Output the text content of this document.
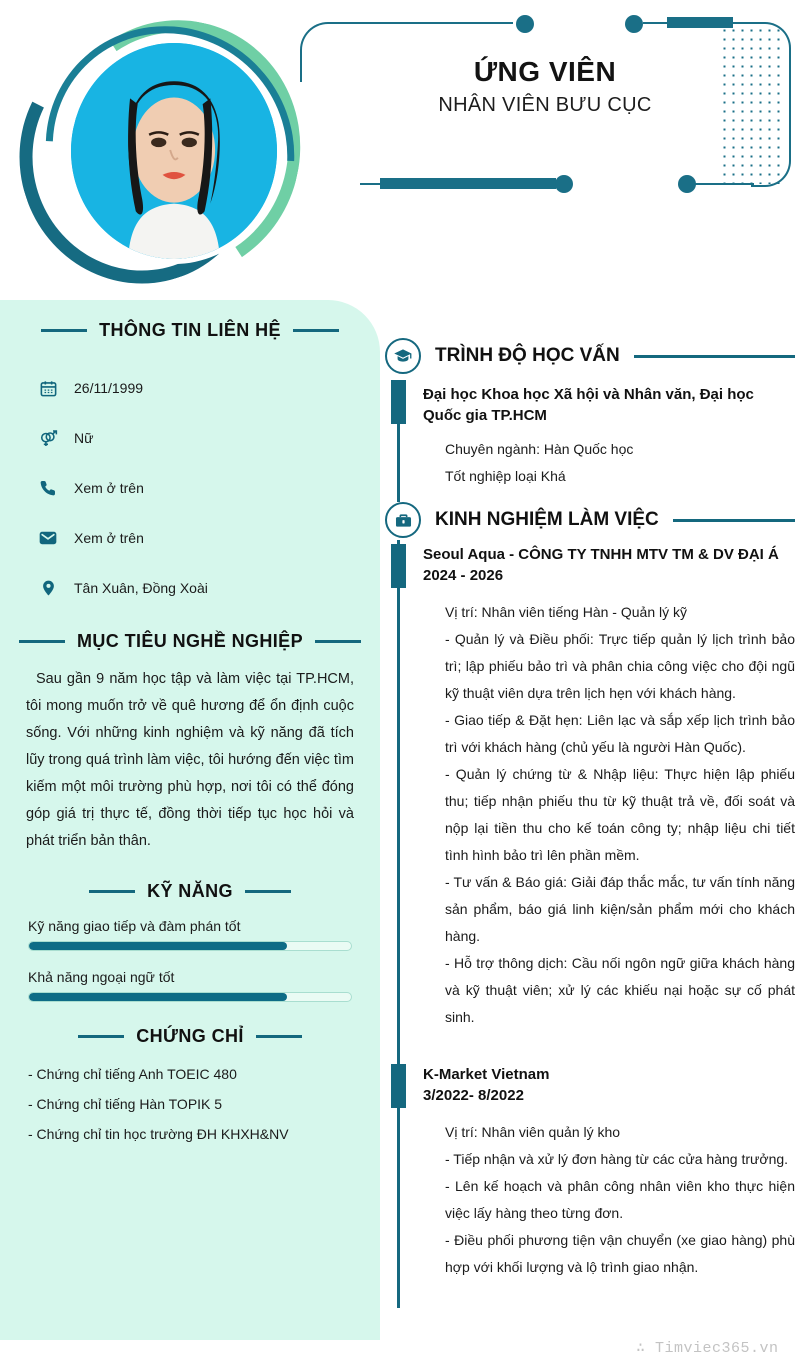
ỨNG VIÊN
NHÂN VIÊN BƯU CỤC
THÔNG TIN LIÊN HỆ
26/11/1999
Nữ
Xem ở trên
Xem ở trên
Tân Xuân, Đồng Xoài
MỤC TIÊU NGHỀ NGHIỆP

Sau gần 9 năm học tập và làm việc tại TP.HCM, tôi mong muốn trở về quê hương để ổn định cuộc sống. Với những kinh nghiệm và kỹ năng đã tích lũy trong quá trình làm việc, tôi hướng đến việc tìm kiếm một môi trường phù hợp, nơi tôi có thể đóng góp giá trị thực tế, đồng thời tiếp tục học hỏi và phát triển bản thân.

KỸ NĂNG
Kỹ năng giao tiếp và đàm phán tốt
Khả năng ngoại ngữ tốt
CHỨNG CHỈ
- Chứng chỉ tiếng Anh TOEIC 480
- Chứng chỉ tiếng Hàn TOPIK 5
- Chứng chỉ tin học trường ĐH KHXH&NV
TRÌNH ĐỘ HỌC VẤN
Đại học Khoa học Xã hội và Nhân văn, Đại học Quốc gia TP.HCM
Chuyên ngành: Hàn Quốc học
Tốt nghiệp loại Khá
KINH NGHIỆM LÀM VIỆC
Seoul Aqua - CÔNG TY TNHH MTV TM & DV ĐẠI Á
2024 - 2026
Vị trí: Nhân viên tiếng Hàn - Quản lý kỹ
- Quản lý và Điều phối: Trực tiếp quản lý lịch trình bảo trì; lập phiếu bảo trì và phân chia công việc cho đội ngũ kỹ thuật viên dựa trên lịch hẹn với khách hàng.
- Giao tiếp & Đặt hẹn: Liên lạc và sắp xếp lịch trình bảo trì với khách hàng (chủ yếu là người Hàn Quốc).
- Quản lý chứng từ & Nhập liệu: Thực hiện lập phiếu thu; tiếp nhận phiếu thu từ kỹ thuật trả về, đối soát và nộp lại tiền thu cho kế toán công ty; nhập liệu chi tiết tình hình bảo trì lên phần mềm.
- Tư vấn & Báo giá: Giải đáp thắc mắc, tư vấn tính năng sản phẩm, báo giá linh kiện/sản phẩm mới cho khách hàng.
- Hỗ trợ thông dịch: Cầu nối ngôn ngữ giữa khách hàng và kỹ thuật viên; xử lý các khiếu nại hoặc sự cố phát sinh.
K-Market Vietnam
3/2022- 8/2022
Vị trí: Nhân viên quản lý kho
- Tiếp nhận và xử lý đơn hàng từ các cửa hàng trưởng.
- Lên kế hoạch và phân công nhân viên kho thực hiện việc lấy hàng theo từng đơn.
- Điều phối phương tiện vận chuyển (xe giao hàng) phù hợp với khối lượng và lộ trình giao nhận.
∴ Timviec365.vn
